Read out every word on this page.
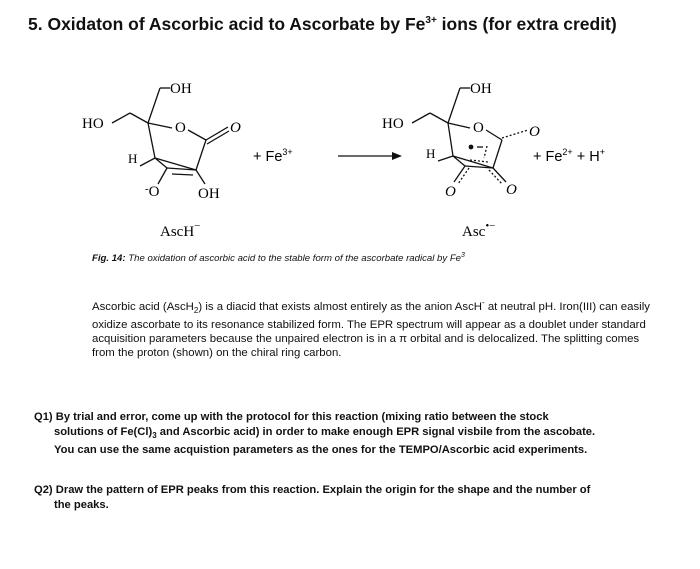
5. Oxidaton of Ascorbic acid to Ascorbate by $Fe^{3+}$ ions (for extra credit)
OH
HO	O	O
H
-O	OH
AscH−
+ $Fe^{3+}$
OH
HO	O	O
H
O	O
Asc•−
+ $Fe^{2+} + H^+$
Fig. 14: The oxidation of ascorbic acid to the stable form of the ascorbate radical by Fe$^3$
Ascorbic acid (AscH$_2$) is a diacid that exists almost entirely as the anion AscH- at neutral pH. Iron(III) can easily oxidize ascorbate to its resonance stabilized form. The EPR spectrum will appear as a doublet under standard acquisition parameters because the unpaired electron is in a π orbital and is delocalized. The splitting comes from the proton (shown) on the chiral ring carbon.
Q1) By trial and error, come up with the protocol for this reaction (mixing ratio between the stock
solutions of $Fe(Cl)_3$ and Ascorbic acid) in order to make enough EPR signal visbile from the ascobate.
You can use the same acquistion parameters as the ones for the TEMPO/Ascorbic acid experiments.
Q2) Draw the pattern of EPR peaks from this reaction. Explain the origin for the shape and the number of
the peaks.
